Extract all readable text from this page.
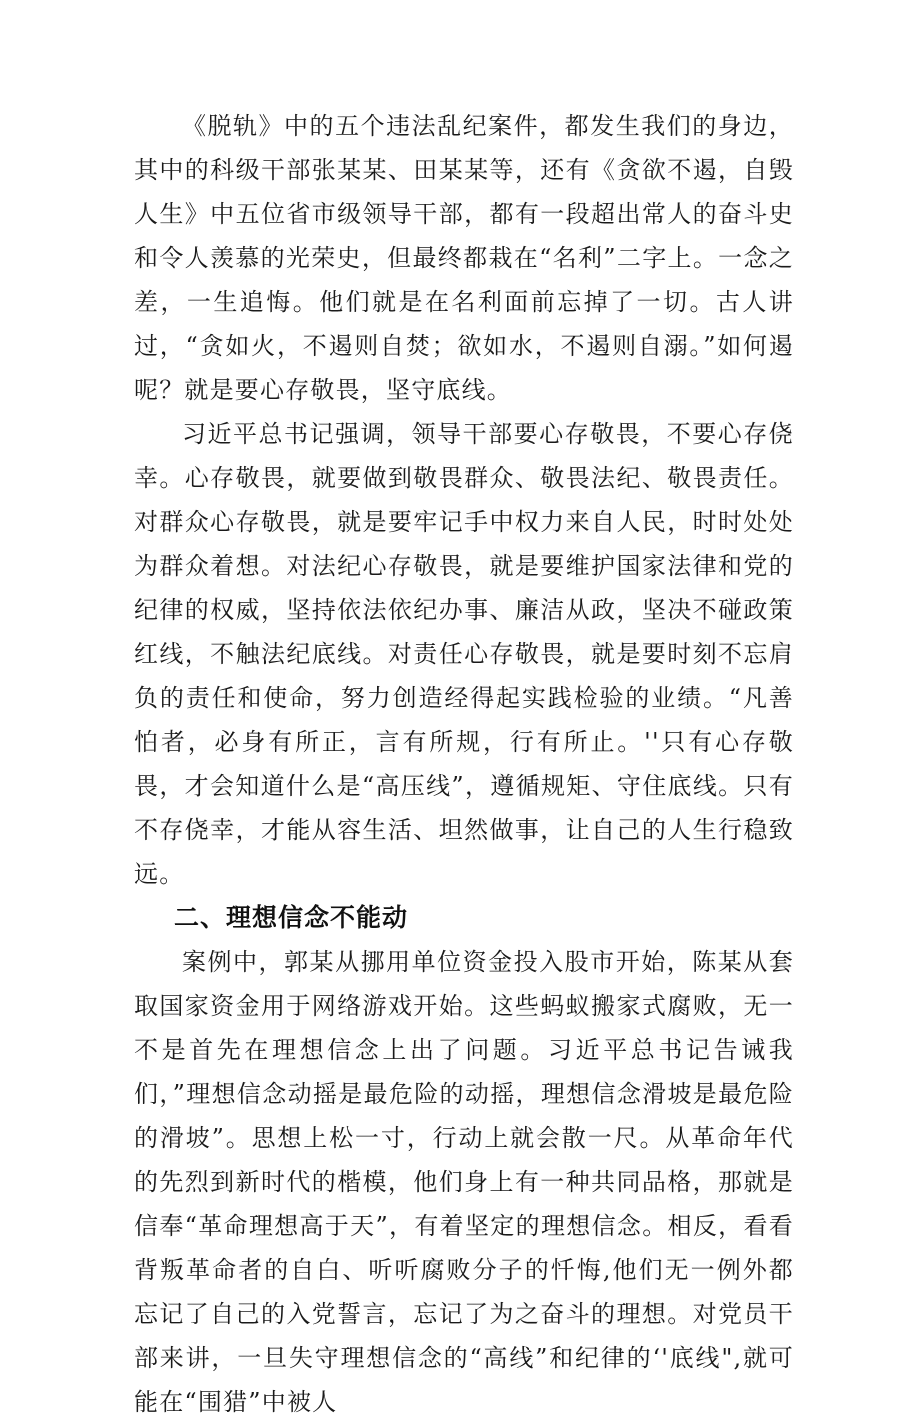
《脱轨》中的五个违法乱纪案件，都发生我们的身边，其中的科级干部张某某、田某某等，还有《贪欲不遏，自毁人生》中五位省市级领导干部，都有一段超出常人的奋斗史和令人羡慕的光荣史，但最终都栽在“名利”二字上。一念之差，一生追悔。他们就是在名利面前忘掉了一切。古人讲过，“贪如火，不遏则自焚；欲如水，不遏则自溺。”如何遏呢？就是要心存敬畏，坚守底线。

习近平总书记强调，领导干部要心存敬畏，不要心存侥幸。心存敬畏，就要做到敬畏群众、敬畏法纪、敬畏责任。对群众心存敬畏，就是要牢记手中权力来自人民，时时处处为群众着想。对法纪心存敬畏，就是要维护国家法律和党的纪律的权威，坚持依法依纪办事、廉洁从政，坚决不碰政策红线，不触法纪底线。对责任心存敬畏，就是要时刻不忘肩负的责任和使命，努力创造经得起实践检验的业绩。“凡善怕者，必身有所正，言有所规，行有所止。''只有心存敬畏，才会知道什么是“高压线”，遵循规矩、守住底线。只有不存侥幸，才能从容生活、坦然做事，让自己的人生行稳致远。

二、理想信念不能动

案例中，郭某从挪用单位资金投入股市开始，陈某从套取国家资金用于网络游戏开始。这些蚂蚁搬家式腐败，无一不是首先在理想信念上出了问题。习近平总书记告诫我们，”理想信念动摇是最危险的动摇，理想信念滑坡是最危险的滑坡”。思想上松一寸，行动上就会散一尺。从革命年代的先烈到新时代的楷模，他们身上有一种共同品格，那就是信奉“革命理想高于天”，有着坚定的理想信念。相反，看看背叛革命者的自白、听听腐败分子的忏悔,他们无一例外都忘记了自己的入党誓言，忘记了为之奋斗的理想。对党员干部来讲，一旦失守理想信念的“高线”和纪律的‘'底线",就可能在“围猎”中被人
